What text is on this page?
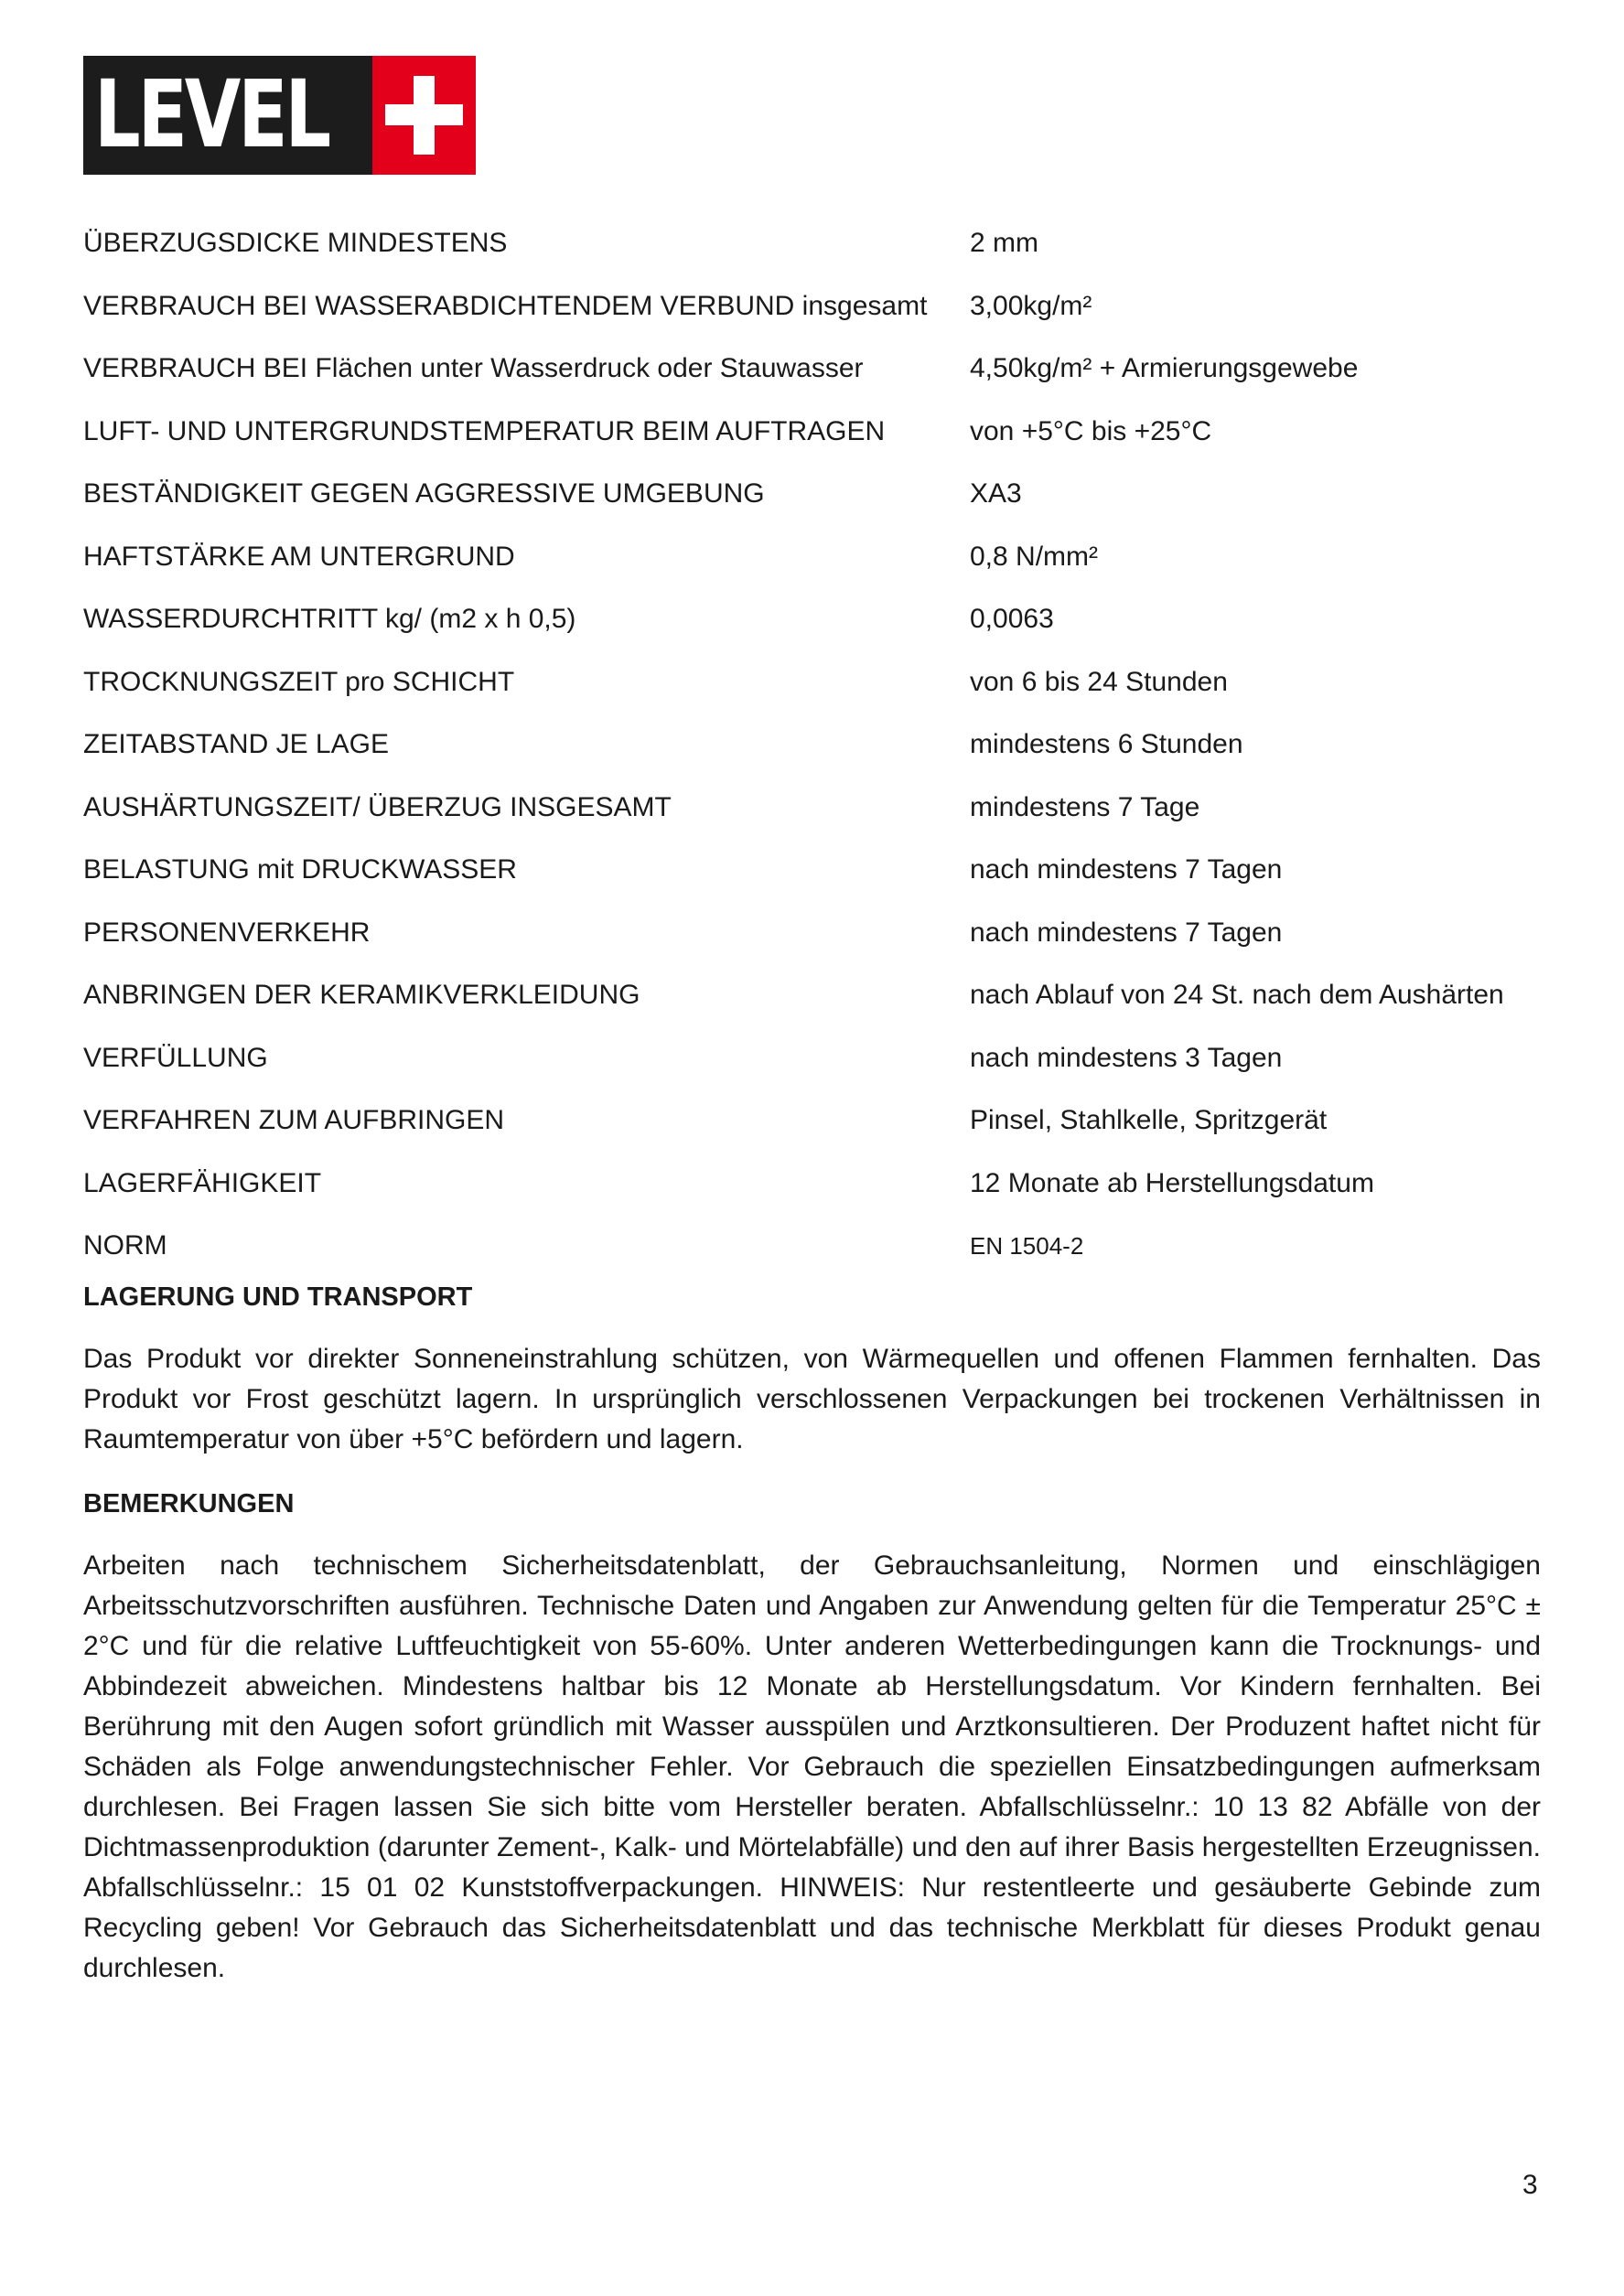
LEVEL
ÜBERZUGSDICKE MINDESTENS	2 mm
VERBRAUCH BEI WASSERABDICHTENDEM VERBUND insgesamt	3,00kg/m²
VERBRAUCH BEI Flächen unter Wasserdruck oder Stauwasser	4,50kg/m² + Armierungsgewebe
LUFT- UND UNTERGRUNDSTEMPERATUR BEIM AUFTRAGEN	von +5°C bis +25°C
BESTÄNDIGKEIT GEGEN AGGRESSIVE UMGEBUNG	XA3
HAFTSTÄRKE AM UNTERGRUND	0,8 N/mm²
WASSERDURCHTRITT kg/ (m2 x h 0,5)	0,0063
TROCKNUNGSZEIT pro SCHICHT	von 6 bis 24 Stunden
ZEITABSTAND JE LAGE	mindestens 6 Stunden
AUSHÄRTUNGSZEIT/ ÜBERZUG INSGESAMT	mindestens 7 Tage
BELASTUNG mit DRUCKWASSER	nach mindestens 7 Tagen
PERSONENVERKEHR	nach mindestens 7 Tagen
ANBRINGEN DER KERAMIKVERKLEIDUNG	nach Ablauf von 24 St. nach dem Aushärten
VERFÜLLUNG	nach mindestens 3 Tagen
VERFAHREN ZUM AUFBRINGEN	Pinsel, Stahlkelle, Spritzgerät
LAGERFÄHIGKEIT	12 Monate ab Herstellungsdatum
NORM	EN 1504-2

LAGERUNG UND TRANSPORT

Das Produkt vor direkter Sonneneinstrahlung schützen, von Wärmequellen und offenen Flammen fernhalten. Das Produkt vor Frost geschützt lagern. In ursprünglich verschlossenen Verpackungen bei trockenen Verhältnissen in Raumtemperatur von über +5°C befördern und lagern.

BEMERKUNGEN

Arbeiten nach technischem Sicherheitsdatenblatt, der Gebrauchsanleitung, Normen und einschlägigen Arbeitsschutzvorschriften ausführen. Technische Daten und Angaben zur Anwendung gelten für die Temperatur 25°C ± 2°C und für die relative Luftfeuchtigkeit von 55-60%. Unter anderen Wetterbedingungen kann die Trocknungs- und Abbindezeit abweichen. Mindestens haltbar bis 12 Monate ab Herstellungsdatum. Vor Kindern fernhalten. Bei Berührung mit den Augen sofort gründlich mit Wasser ausspülen und Arztkonsultieren. Der Produzent haftet nicht für Schäden als Folge anwendungstechnischer Fehler. Vor Gebrauch die speziellen Einsatzbedingungen aufmerksam durchlesen. Bei Fragen lassen Sie sich bitte vom Hersteller beraten. Abfallschlüsselnr.: 10 13 82 Abfälle von der Dichtmassenproduktion (darunter Zement-, Kalk- und Mörtelabfälle) und den auf ihrer Basis hergestellten Erzeugnissen. Abfallschlüsselnr.: 15 01 02 Kunststoffverpackungen. HINWEIS: Nur restentleerte und gesäuberte Gebinde zum Recycling geben! Vor Gebrauch das Sicherheitsdatenblatt und das technische Merkblatt für dieses Produkt genau durchlesen.

3
